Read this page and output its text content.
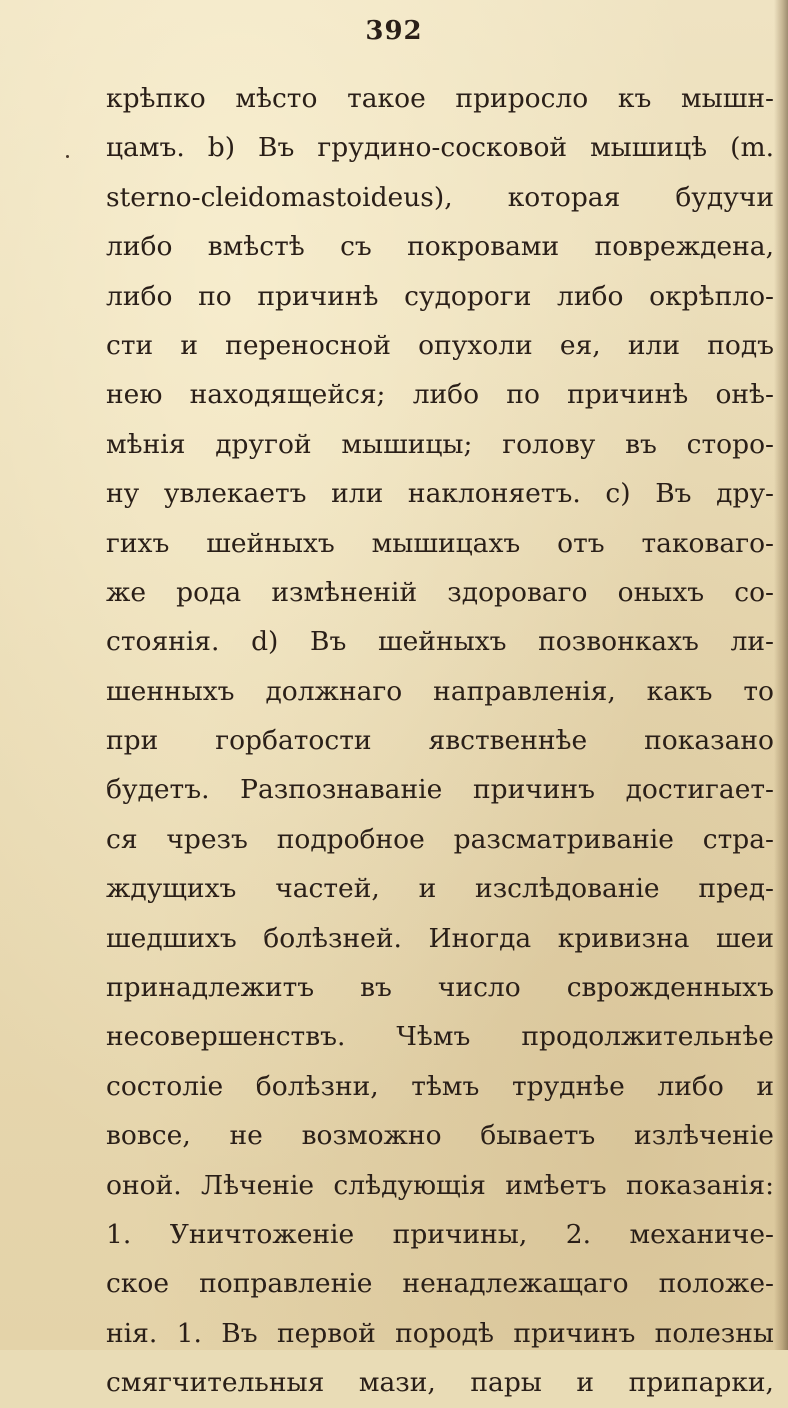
392
крѣпко мѣсто такое приросло къ мышн-
цамъ. b) Въ грудино-сосковой мышицѣ (m.
sterno-cleidomastoideus), которая будучи
либо вмѣстѣ съ покровами повреждена,
либо по причинѣ судороги либо окрѣпло-
сти и переносной опухоли ея, или подъ
нею находящейся; либо по причинѣ онѣ-
мѣнія другой мышицы; голову въ сторо-
ну увлекаетъ или наклоняетъ. c) Въ дру-
гихъ шейныхъ мышицахъ отъ таковаго-
же рода измѣненій здороваго оныхъ со-
стоянія. d) Въ шейныхъ позвонкахъ ли-
шенныхъ должнаго направленія, какъ то
при горбатости явственнѣе показано
будетъ. Разпознаваніе причинъ достигает-
ся чрезъ подробное разсматриваніе стра-
ждущихъ частей, и изслѣдованіе пред-
шедшихъ болѣзней. Иногда кривизна шеи
принадлежитъ въ число сврожденныхъ
несовершенствъ. Чѣмъ продолжительнѣе
состоліе болѣзни, тѣмъ труднѣе либо и
вовсе, не возможно бываетъ излѣченіе
оной. Лѣченіе слѣдующія имѣетъ показанія:
1. Уничтоженіе причины, 2. механиче-
ское поправленіе ненадлежащаго положе-
нія. 1. Въ первой породѣ причинъ полезны
смягчительныя мази, пары и припарки,
